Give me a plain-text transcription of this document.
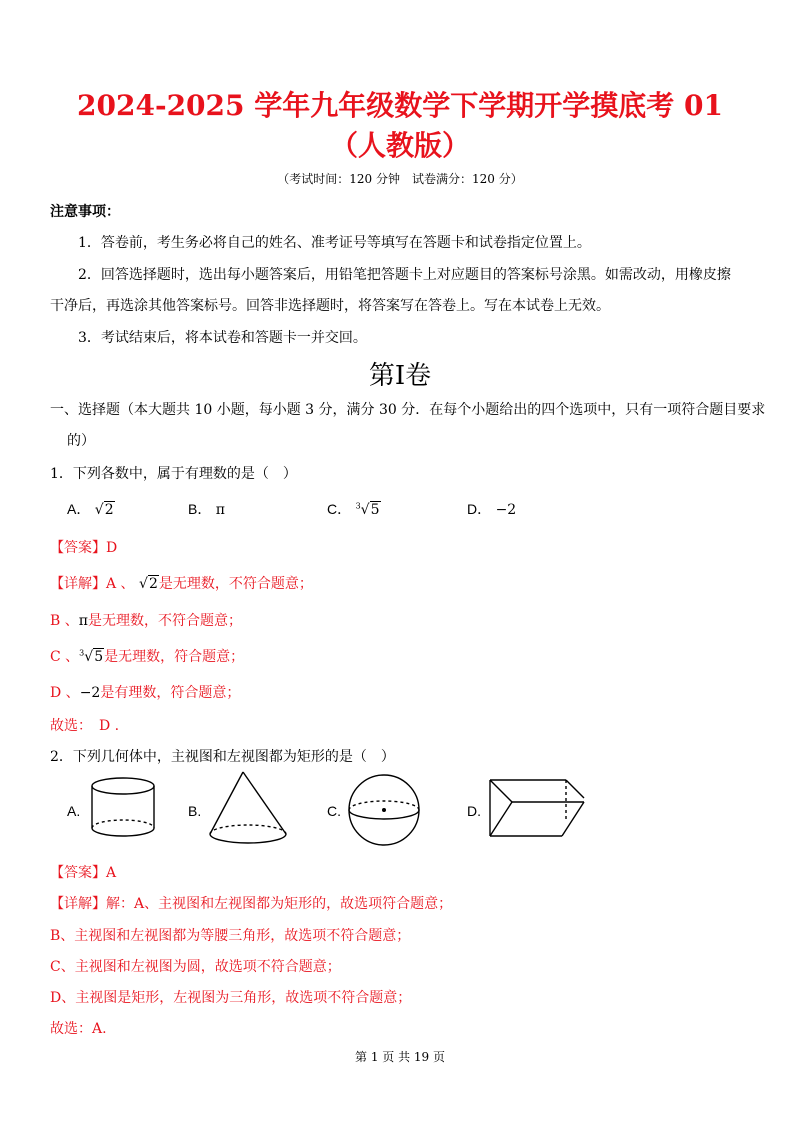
2024-2025 学年九年级数学下学期开学摸底考 01
（人教版）
（考试时间：120 分钟　试卷满分：120 分）
注意事项：
1．答卷前，考生务必将自己的姓名、准考证号等填写在答题卡和试卷指定位置上。
2．回答选择题时，选出每小题答案后，用铅笔把答题卡上对应题目的答案标号涂黑。如需改动，用橡皮擦
干净后，再选涂其他答案标号。回答非选择题时，将答案写在答卷上。写在本试卷上无效。
3．考试结束后，将本试卷和答题卡一并交回。
第I卷
一、选择题（本大题共 10 小题，每小题 3 分，满分 30 分．在每个小题给出的四个选项中，只有一项符合题目要求
的）
1．下列各数中，属于有理数的是（　）
A． √2	B． π	C． $^3$√5	D． −2
【答案】D
【详解】A 、 √2是无理数，不符合题意；
B 、π是无理数，不符合题意；
C 、$^3$√5是无理数，符合题意；
D 、−2是有理数，符合题意；
故选：　D .
2．下列几何体中，主视图和左视图都为矩形的是（　）
A.	B.	C.	D.
【答案】A
【详解】解：A、主视图和左视图都为矩形的，故选项符合题意；
B、主视图和左视图都为等腰三角形，故选项不符合题意；
C、主视图和左视图为圆，故选项不符合题意；
D、主视图是矩形，左视图为三角形，故选项不符合题意；
故选：A.
第 1 页 共 19 页
